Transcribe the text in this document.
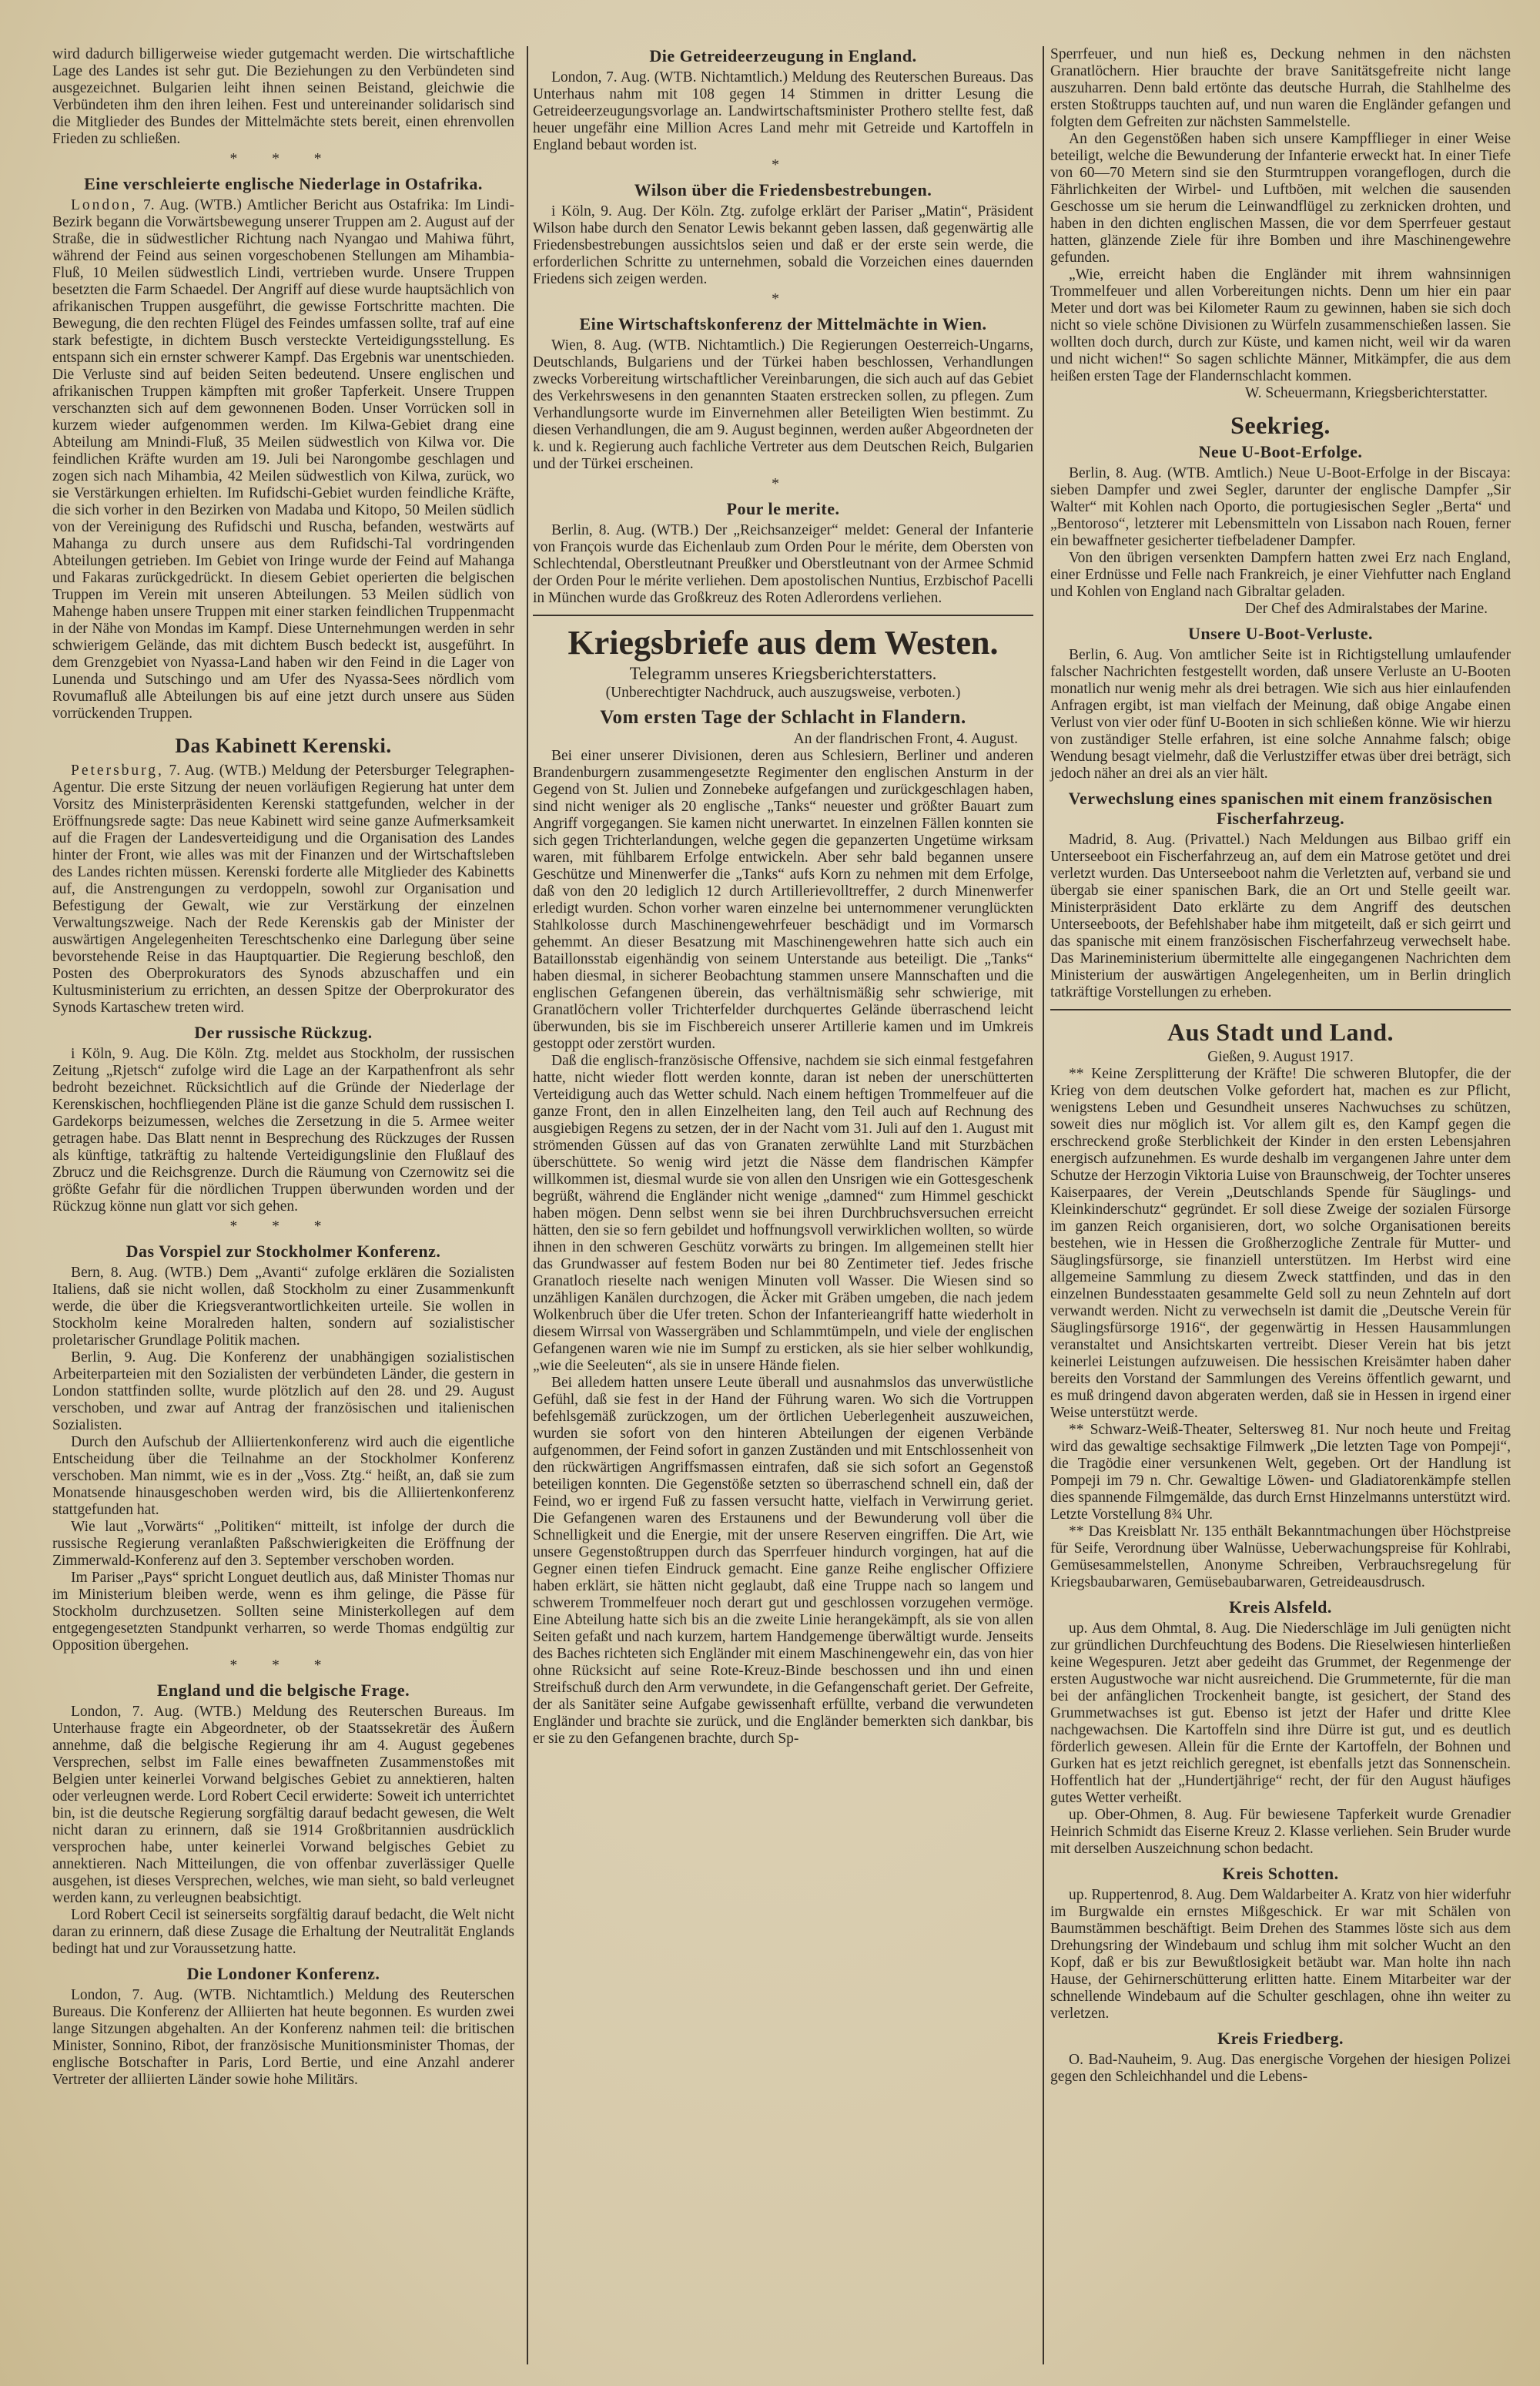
wird dadurch billigerweise wieder gutgemacht werden. Die wirtschaftliche Lage des Landes ist sehr gut. Die Beziehungen zu den Verbündeten sind ausgezeichnet. Bulgarien leiht ihnen seinen Beistand, gleichwie die Verbündeten ihm den ihren leihen. Fest und untereinander solidarisch sind die Mitglieder des Bundes der Mittelmächte stets bereit, einen ehrenvollen Frieden zu schließen.

* * *
Eine verschleierte englische Niederlage in Ostafrika.

London, 7. Aug. (WTB.) Amtlicher Bericht aus Ostafrika: Im Lindi-Bezirk begann die Vorwärtsbewegung unserer Truppen am 2. August auf der Straße, die in südwestlicher Richtung nach Nyangao und Mahiwa führt, während der Feind aus seinen vorgeschobenen Stellungen am Mihambia-Fluß, 10 Meilen südwestlich Lindi, vertrieben wurde. Unsere Truppen besetzten die Farm Schaedel. Der Angriff auf diese wurde hauptsächlich von afrikanischen Truppen ausgeführt, die gewisse Fortschritte machten. Die Bewegung, die den rechten Flügel des Feindes umfassen sollte, traf auf eine stark befestigte, in dichtem Busch versteckte Verteidigungsstellung. Es entspann sich ein ernster schwerer Kampf. Das Ergebnis war unentschieden. Die Verluste sind auf beiden Seiten bedeutend. Unsere englischen und afrikanischen Truppen kämpften mit großer Tapferkeit. Unsere Truppen verschanzten sich auf dem gewonnenen Boden. Unser Vorrücken soll in kurzem wieder aufgenommen werden. Im Kilwa-Gebiet drang eine Abteilung am Mnindi-Fluß, 35 Meilen südwestlich von Kilwa vor. Die feindlichen Kräfte wurden am 19. Juli bei Narongombe geschlagen und zogen sich nach Mihambia, 42 Meilen südwestlich von Kilwa, zurück, wo sie Verstärkungen erhielten. Im Rufidschi-Gebiet wurden feindliche Kräfte, die sich vorher in den Bezirken von Madaba und Kitopo, 50 Meilen südlich von der Vereinigung des Rufidschi und Ruscha, befanden, westwärts auf Mahanga zu durch unsere aus dem Rufidschi-Tal vordringenden Abteilungen getrieben. Im Gebiet von Iringe wurde der Feind auf Mahanga und Fakaras zurückgedrückt. In diesem Gebiet operierten die belgischen Truppen im Verein mit unseren Abteilungen. 53 Meilen südlich von Mahenge haben unsere Truppen mit einer starken feindlichen Truppenmacht in der Nähe von Mondas im Kampf. Diese Unternehmungen werden in sehr schwierigem Gelände, das mit dichtem Busch bedeckt ist, ausgeführt. In dem Grenzgebiet von Nyassa-Land haben wir den Feind in die Lager von Lunenda und Sutschingo und am Ufer des Nyassa-Sees nördlich vom Rovumafluß alle Abteilungen bis auf eine jetzt durch unsere aus Süden vorrückenden Truppen.

Das Kabinett Kerenski.

Petersburg, 7. Aug. (WTB.) Meldung der Petersburger Telegraphen-Agentur. Die erste Sitzung der neuen vorläufigen Regierung hat unter dem Vorsitz des Ministerpräsidenten Kerenski stattgefunden, welcher in der Eröffnungsrede sagte: Das neue Kabinett wird seine ganze Aufmerksamkeit auf die Fragen der Landesverteidigung und die Organisation des Landes hinter der Front, wie alles was mit der Finanzen und der Wirtschaftsleben des Landes richten müssen. Kerenski forderte alle Mitglieder des Kabinetts auf, die Anstrengungen zu verdoppeln, sowohl zur Organisation und Befestigung der Gewalt, wie zur Verstärkung der einzelnen Verwaltungszweige. Nach der Rede Kerenskis gab der Minister der auswärtigen Angelegenheiten Tereschtschenko eine Darlegung über seine bevorstehende Reise in das Hauptquartier. Die Regierung beschloß, den Posten des Oberprokurators des Synods abzuschaffen und ein Kultusministerium zu errichten, an dessen Spitze der Oberprokurator des Synods Kartaschew treten wird.

Der russische Rückzug.

i Köln, 9. Aug. Die Köln. Ztg. meldet aus Stockholm, der russischen Zeitung „Rjetsch“ zufolge wird die Lage an der Karpathenfront als sehr bedroht bezeichnet. Rücksichtlich auf die Gründe der Niederlage der Kerenskischen, hochfliegenden Pläne ist die ganze Schuld dem russischen I. Gardekorps beizumessen, welches die Zersetzung in die 5. Armee weiter getragen habe. Das Blatt nennt in Besprechung des Rückzuges der Russen als künftige, tatkräftig zu haltende Verteidigungslinie den Flußlauf des Zbrucz und die Reichsgrenze. Durch die Räumung von Czernowitz sei die größte Gefahr für die nördlichen Truppen überwunden worden und der Rückzug könne nun glatt vor sich gehen.

* * *
Das Vorspiel zur Stockholmer Konferenz.

Bern, 8. Aug. (WTB.) Dem „Avanti“ zufolge erklären die Sozialisten Italiens, daß sie nicht wollen, daß Stockholm zu einer Zusammenkunft werde, die über die Kriegsverantwortlichkeiten urteile. Sie wollen in Stockholm keine Moralreden halten, sondern auf sozialistischer proletarischer Grundlage Politik machen.

Berlin, 9. Aug. Die Konferenz der unabhängigen sozialistischen Arbeiterparteien mit den Sozialisten der verbündeten Länder, die gestern in London stattfinden sollte, wurde plötzlich auf den 28. und 29. August verschoben, und zwar auf Antrag der französischen und italienischen Sozialisten.

Durch den Aufschub der Alliiertenkonferenz wird auch die eigentliche Entscheidung über die Teilnahme an der Stockholmer Konferenz verschoben. Man nimmt, wie es in der „Voss. Ztg.“ heißt, an, daß sie zum Monatsende hinausgeschoben werden wird, bis die Alliiertenkonferenz stattgefunden hat.

Wie laut „Vorwärts“ „Politiken“ mitteilt, ist infolge der durch die russische Regierung veranlaßten Paßschwierigkeiten die Eröffnung der Zimmerwald-Konferenz auf den 3. September verschoben worden.

Im Pariser „Pays“ spricht Longuet deutlich aus, daß Minister Thomas nur im Ministerium bleiben werde, wenn es ihm gelinge, die Pässe für Stockholm durchzusetzen. Sollten seine Ministerkollegen auf dem entgegengesetzten Standpunkt verharren, so werde Thomas endgültig zur Opposition übergehen.

* * *
England und die belgische Frage.

London, 7. Aug. (WTB.) Meldung des Reuterschen Bureaus. Im Unterhause fragte ein Abgeordneter, ob der Staatssekretär des Äußern annehme, daß die belgische Regierung ihr am 4. August gegebenes Versprechen, selbst im Falle eines bewaffneten Zusammenstoßes mit Belgien unter keinerlei Vorwand belgisches Gebiet zu annektieren, halten oder verleugnen werde. Lord Robert Cecil erwiderte: Soweit ich unterrichtet bin, ist die deutsche Regierung sorgfältig darauf bedacht gewesen, die Welt nicht daran zu erinnern, daß sie 1914 Großbritannien ausdrücklich versprochen habe, unter keinerlei Vorwand belgisches Gebiet zu annektieren. Nach Mitteilungen, die von offenbar zuverlässiger Quelle ausgehen, ist dieses Versprechen, welches, wie man sieht, so bald verleugnet werden kann, zu verleugnen beabsichtigt.

Lord Robert Cecil ist seinerseits sorgfältig darauf bedacht, die Welt nicht daran zu erinnern, daß diese Zusage die Erhaltung der Neutralität Englands bedingt hat und zur Voraussetzung hatte.

Die Londoner Konferenz.

London, 7. Aug. (WTB. Nichtamtlich.) Meldung des Reuterschen Bureaus. Die Konferenz der Alliierten hat heute begonnen. Es wurden zwei lange Sitzungen abgehalten. An der Konferenz nahmen teil: die britischen Minister, Sonnino, Ribot, der französische Munitionsminister Thomas, der englische Botschafter in Paris, Lord Bertie, und eine Anzahl anderer Vertreter der alliierten Länder sowie hohe Militärs.

Die Getreideerzeugung in England.

London, 7. Aug. (WTB. Nichtamtlich.) Meldung des Reuterschen Bureaus. Das Unterhaus nahm mit 108 gegen 14 Stimmen in dritter Lesung die Getreideerzeugungsvorlage an. Landwirtschaftsminister Prothero stellte fest, daß heuer ungefähr eine Million Acres Land mehr mit Getreide und Kartoffeln in England bebaut worden ist.

*
Wilson über die Friedensbestrebungen.

i Köln, 9. Aug. Der Köln. Ztg. zufolge erklärt der Pariser „Matin“, Präsident Wilson habe durch den Senator Lewis bekannt geben lassen, daß gegenwärtig alle Friedensbestrebungen aussichtslos seien und daß er der erste sein werde, die erforderlichen Schritte zu unternehmen, sobald die Vorzeichen eines dauernden Friedens sich zeigen werden.

*
Eine Wirtschaftskonferenz der Mittelmächte in Wien.

Wien, 8. Aug. (WTB. Nichtamtlich.) Die Regierungen Oesterreich-Ungarns, Deutschlands, Bulgariens und der Türkei haben beschlossen, Verhandlungen zwecks Vorbereitung wirtschaftlicher Vereinbarungen, die sich auch auf das Gebiet des Verkehrswesens in den genannten Staaten erstrecken sollen, zu pflegen. Zum Verhandlungsorte wurde im Einvernehmen aller Beteiligten Wien bestimmt. Zu diesen Verhandlungen, die am 9. August beginnen, werden außer Abgeordneten der k. und k. Regierung auch fachliche Vertreter aus dem Deutschen Reich, Bulgarien und der Türkei erscheinen.

*
Pour le merite.

Berlin, 8. Aug. (WTB.) Der „Reichsanzeiger“ meldet: General der Infanterie von François wurde das Eichenlaub zum Orden Pour le mérite, dem Obersten von Schlechtendal, Oberstleutnant Preußker und Oberstleutnant von der Armee Schmid der Orden Pour le mérite verliehen. Dem apostolischen Nuntius, Erzbischof Pacelli in München wurde das Großkreuz des Roten Adlerordens verliehen.

Kriegsbriefe aus dem Westen.
Telegramm unseres Kriegsberichterstatters.
(Unberechtigter Nachdruck, auch auszugsweise, verboten.)
Vom ersten Tage der Schlacht in Flandern.
An der flandrischen Front, 4. August.

Bei einer unserer Divisionen, deren aus Schlesiern, Berliner und anderen Brandenburgern zusammengesetzte Regimenter den englischen Ansturm in der Gegend von St. Julien und Zonnebeke aufgefangen und zurückgeschlagen haben, sind nicht weniger als 20 englische „Tanks“ neuester und größter Bauart zum Angriff vorgegangen. Sie kamen nicht unerwartet. In einzelnen Fällen konnten sie sich gegen Trichterlandungen, welche gegen die gepanzerten Ungetüme wirksam waren, mit fühlbarem Erfolge entwickeln. Aber sehr bald begannen unsere Geschütze und Minenwerfer die „Tanks“ aufs Korn zu nehmen mit dem Erfolge, daß von den 20 lediglich 12 durch Artillerievolltreffer, 2 durch Minenwerfer erledigt wurden. Schon vorher waren einzelne bei unternommener verunglückten Stahlkolosse durch Maschinengewehrfeuer beschädigt und im Vormarsch gehemmt. An dieser Besatzung mit Maschinengewehren hatte sich auch ein Bataillonsstab eigenhändig von seinem Unterstande aus beteiligt. Die „Tanks“ haben diesmal, in sicherer Beobachtung stammen unsere Mannschaften und die englischen Gefangenen überein, das verhältnismäßig sehr schwierige, mit Granatlöchern voller Trichterfelder durchquertes Gelände überraschend leicht überwunden, bis sie im Fischbereich unserer Artillerie kamen und im Umkreis gestoppt oder zerstört wurden.

Daß die englisch-französische Offensive, nachdem sie sich einmal festgefahren hatte, nicht wieder flott werden konnte, daran ist neben der unerschütterten Verteidigung auch das Wetter schuld. Nach einem heftigen Trommelfeuer auf die ganze Front, den in allen Einzelheiten lang, den Teil auch auf Rechnung des ausgiebigen Regens zu setzen, der in der Nacht vom 31. Juli auf den 1. August mit strömenden Güssen auf das von Granaten zerwühlte Land mit Sturzbächen überschüttete. So wenig wird jetzt die Nässe dem flandrischen Kämpfer willkommen ist, diesmal wurde sie von allen den Unsrigen wie ein Gottesgeschenk begrüßt, während die Engländer nicht wenige „damned“ zum Himmel geschickt haben mögen. Denn selbst wenn sie bei ihren Durchbruchsversuchen erreicht hätten, den sie so fern gebildet und hoffnungsvoll verwirklichen wollten, so würde ihnen in den schweren Geschütz vorwärts zu bringen. Im allgemeinen stellt hier das Grundwasser auf festem Boden nur bei 80 Zentimeter tief. Jedes frische Granatloch rieselte nach wenigen Minuten voll Wasser. Die Wiesen sind so unzähligen Kanälen durchzogen, die Äcker mit Gräben umgeben, die nach jedem Wolkenbruch über die Ufer treten. Schon der Infanterieangriff hatte wiederholt in diesem Wirrsal von Wassergräben und Schlammtümpeln, und viele der englischen Gefangenen waren wie nie im Sumpf zu ersticken, als sie hier selber wohlkundig, „wie die Seeleuten“, als sie in unsere Hände fielen.

Bei alledem hatten unsere Leute überall und ausnahmslos das unverwüstliche Gefühl, daß sie fest in der Hand der Führung waren. Wo sich die Vortruppen befehlsgemäß zurückzogen, um der örtlichen Ueberlegenheit auszuweichen, wurden sie sofort von den hinteren Abteilungen der eigenen Verbände aufgenommen, der Feind sofort in ganzen Zuständen und mit Entschlossenheit von den rückwärtigen Angriffsmassen eintrafen, daß sie sich sofort an Gegenstoß beteiligen konnten. Die Gegenstöße setzten so überraschend schnell ein, daß der Feind, wo er irgend Fuß zu fassen versucht hatte, vielfach in Verwirrung geriet. Die Gefangenen waren des Erstaunens und der Bewunderung voll über die Schnelligkeit und die Energie, mit der unsere Reserven eingriffen. Die Art, wie unsere Gegenstoßtruppen durch das Sperrfeuer hindurch vorgingen, hat auf die Gegner einen tiefen Eindruck gemacht. Eine ganze Reihe englischer Offiziere haben erklärt, sie hätten nicht geglaubt, daß eine Truppe nach so langem und schwerem Trommelfeuer noch derart gut und geschlossen vorzugehen vermöge. Eine Abteilung hatte sich bis an die zweite Linie herangekämpft, als sie von allen Seiten gefaßt und nach kurzem, hartem Handgemenge überwältigt wurde. Jenseits des Baches richteten sich Engländer mit einem Maschinengewehr ein, das von hier ohne Rücksicht auf seine Rote-Kreuz-Binde beschossen und ihn und einen Streifschuß durch den Arm verwundete, in die Gefangenschaft geriet. Der Gefreite, der als Sanitäter seine Aufgabe gewissenhaft erfüllte, verband die verwundeten Engländer und brachte sie zurück, und die Engländer bemerkten sich dankbar, bis er sie zu den Gefangenen brachte, durch Sp-

Sperrfeuer, und nun hieß es, Deckung nehmen in den nächsten Granatlöchern. Hier brauchte der brave Sanitätsgefreite nicht lange auszuharren. Denn bald ertönte das deutsche Hurrah, die Stahlhelme des ersten Stoßtrupps tauchten auf, und nun waren die Engländer gefangen und folgten dem Gefreiten zur nächsten Sammelstelle.

An den Gegenstößen haben sich unsere Kampfflieger in einer Weise beteiligt, welche die Bewunderung der Infanterie erweckt hat. In einer Tiefe von 60—70 Metern sind sie den Sturmtruppen vorangeflogen, durch die Fährlichkeiten der Wirbel- und Luftböen, mit welchen die sausenden Geschosse um sie herum die Leinwandflügel zu zerknicken drohten, und haben in den dichten englischen Massen, die vor dem Sperrfeuer gestaut hatten, glänzende Ziele für ihre Bomben und ihre Maschinengewehre gefunden.

„Wie, erreicht haben die Engländer mit ihrem wahnsinnigen Trommelfeuer und allen Vorbereitungen nichts. Denn um hier ein paar Meter und dort was bei Kilometer Raum zu gewinnen, haben sie sich doch nicht so viele schöne Divisionen zu Würfeln zusammenschießen lassen. Sie wollten doch durch, durch zur Küste, und kamen nicht, weil wir da waren und nicht wichen!“ So sagen schlichte Männer, Mitkämpfer, die aus dem heißen ersten Tage der Flandernschlacht kommen.

W. Scheuermann, Kriegsberichterstatter.
Seekrieg.
Neue U-Boot-Erfolge.

Berlin, 8. Aug. (WTB. Amtlich.) Neue U-Boot-Erfolge in der Biscaya: sieben Dampfer und zwei Segler, darunter der englische Dampfer „Sir Walter“ mit Kohlen nach Oporto, die portugiesischen Segler „Berta“ und „Bentoroso“, letzterer mit Lebensmitteln von Lissabon nach Rouen, ferner ein bewaffneter gesicherter tiefbeladener Dampfer.

Von den übrigen versenkten Dampfern hatten zwei Erz nach England, einer Erdnüsse und Felle nach Frankreich, je einer Viehfutter nach England und Kohlen von England nach Gibraltar geladen.

Der Chef des Admiralstabes der Marine.
Unsere U-Boot-Verluste.

Berlin, 6. Aug. Von amtlicher Seite ist in Richtigstellung umlaufender falscher Nachrichten festgestellt worden, daß unsere Verluste an U-Booten monatlich nur wenig mehr als drei betragen. Wie sich aus hier einlaufenden Anfragen ergibt, ist man vielfach der Meinung, daß obige Angabe einen Verlust von vier oder fünf U-Booten in sich schließen könne. Wie wir hierzu von zuständiger Stelle erfahren, ist eine solche Annahme falsch; obige Wendung besagt vielmehr, daß die Verlustziffer etwas über drei beträgt, sich jedoch näher an drei als an vier hält.

Verwechslung eines spanischen mit einem französischen Fischerfahrzeug.

Madrid, 8. Aug. (Privattel.) Nach Meldungen aus Bilbao griff ein Unterseeboot ein Fischerfahrzeug an, auf dem ein Matrose getötet und drei verletzt wurden. Das Unterseeboot nahm die Verletzten auf, verband sie und übergab sie einer spanischen Bark, die an Ort und Stelle geeilt war. Ministerpräsident Dato erklärte zu dem Angriff des deutschen Unterseeboots, der Befehlshaber habe ihm mitgeteilt, daß er sich geirrt und das spanische mit einem französischen Fischerfahrzeug verwechselt habe. Das Marineministerium übermittelte alle eingegangenen Nachrichten dem Ministerium der auswärtigen Angelegenheiten, um in Berlin dringlich tatkräftige Vorstellungen zu erheben.

Aus Stadt und Land.
Gießen, 9. August 1917.

** Keine Zersplitterung der Kräfte! Die schweren Blutopfer, die der Krieg von dem deutschen Volke gefordert hat, machen es zur Pflicht, wenigstens Leben und Gesundheit unseres Nachwuchses zu schützen, soweit dies nur möglich ist. Vor allem gilt es, den Kampf gegen die erschreckend große Sterblichkeit der Kinder in den ersten Lebensjahren energisch aufzunehmen. Es wurde deshalb im vergangenen Jahre unter dem Schutze der Herzogin Viktoria Luise von Braunschweig, der Tochter unseres Kaiserpaares, der Verein „Deutschlands Spende für Säuglings- und Kleinkinderschutz“ gegründet. Er soll diese Zweige der sozialen Fürsorge im ganzen Reich organisieren, dort, wo solche Organisationen bereits bestehen, wie in Hessen die Großherzogliche Zentrale für Mutter- und Säuglingsfürsorge, sie finanziell unterstützen. Im Herbst wird eine allgemeine Sammlung zu diesem Zweck stattfinden, und das in den einzelnen Bundesstaaten gesammelte Geld soll zu neun Zehnteln auf dort verwandt werden. Nicht zu verwechseln ist damit die „Deutsche Verein für Säuglingsfürsorge 1916“, der gegenwärtig in Hessen Hausammlungen veranstaltet und Ansichtskarten vertreibt. Dieser Verein hat bis jetzt keinerlei Leistungen aufzuweisen. Die hessischen Kreisämter haben daher bereits den Vorstand der Sammlungen des Vereins öffentlich gewarnt, und es muß dringend davon abgeraten werden, daß sie in Hessen in irgend einer Weise unterstützt werde.

** Schwarz-Weiß-Theater, Seltersweg 81. Nur noch heute und Freitag wird das gewaltige sechsaktige Filmwerk „Die letzten Tage von Pompeji“, die Tragödie einer versunkenen Welt, gegeben. Ort der Handlung ist Pompeji im 79 n. Chr. Gewaltige Löwen- und Gladiatorenkämpfe stellen dies spannende Filmgemälde, das durch Ernst Hinzelmanns unterstützt wird. Letzte Vorstellung 8¾ Uhr.

** Das Kreisblatt Nr. 135 enthält Bekanntmachungen über Höchstpreise für Seife, Verordnung über Walnüsse, Ueberwachungspreise für Kohlrabi, Gemüsesammelstellen, Anonyme Schreiben, Verbrauchsregelung für Kriegsbaubarwaren, Gemüsebaubarwaren, Getreideausdrusch.

Kreis Alsfeld.

up. Aus dem Ohmtal, 8. Aug. Die Niederschläge im Juli genügten nicht zur gründlichen Durchfeuchtung des Bodens. Die Rieselwiesen hinterließen keine Wegespuren. Jetzt aber gedeiht das Grummet, der Regenmenge der ersten Augustwoche war nicht ausreichend. Die Grummeternte, für die man bei der anfänglichen Trockenheit bangte, ist gesichert, der Stand des Grummetwachses ist gut. Ebenso ist jetzt der Hafer und dritte Klee nachgewachsen. Die Kartoffeln sind ihre Dürre ist gut, und es deutlich förderlich gewesen. Allein für die Ernte der Kartoffeln, der Bohnen und Gurken hat es jetzt reichlich geregnet, ist ebenfalls jetzt das Sonnenschein. Hoffentlich hat der „Hundertjährige“ recht, der für den August häufiges gutes Wetter verheißt.

up. Ober-Ohmen, 8. Aug. Für bewiesene Tapferkeit wurde Grenadier Heinrich Schmidt das Eiserne Kreuz 2. Klasse verliehen. Sein Bruder wurde mit derselben Auszeichnung schon bedacht.

Kreis Schotten.

up. Ruppertenrod, 8. Aug. Dem Waldarbeiter A. Kratz von hier widerfuhr im Burgwalde ein ernstes Mißgeschick. Er war mit Schälen von Baumstämmen beschäftigt. Beim Drehen des Stammes löste sich aus dem Drehungsring der Windebaum und schlug ihm mit solcher Wucht an den Kopf, daß er bis zur Bewußtlosigkeit betäubt war. Man holte ihn nach Hause, der Gehirnerschütterung erlitten hatte. Einem Mitarbeiter war der schnellende Windebaum auf die Schulter geschlagen, ohne ihn weiter zu verletzen.

Kreis Friedberg.

O. Bad-Nauheim, 9. Aug. Das energische Vorgehen der hiesigen Polizei gegen den Schleichhandel und die Lebens-
